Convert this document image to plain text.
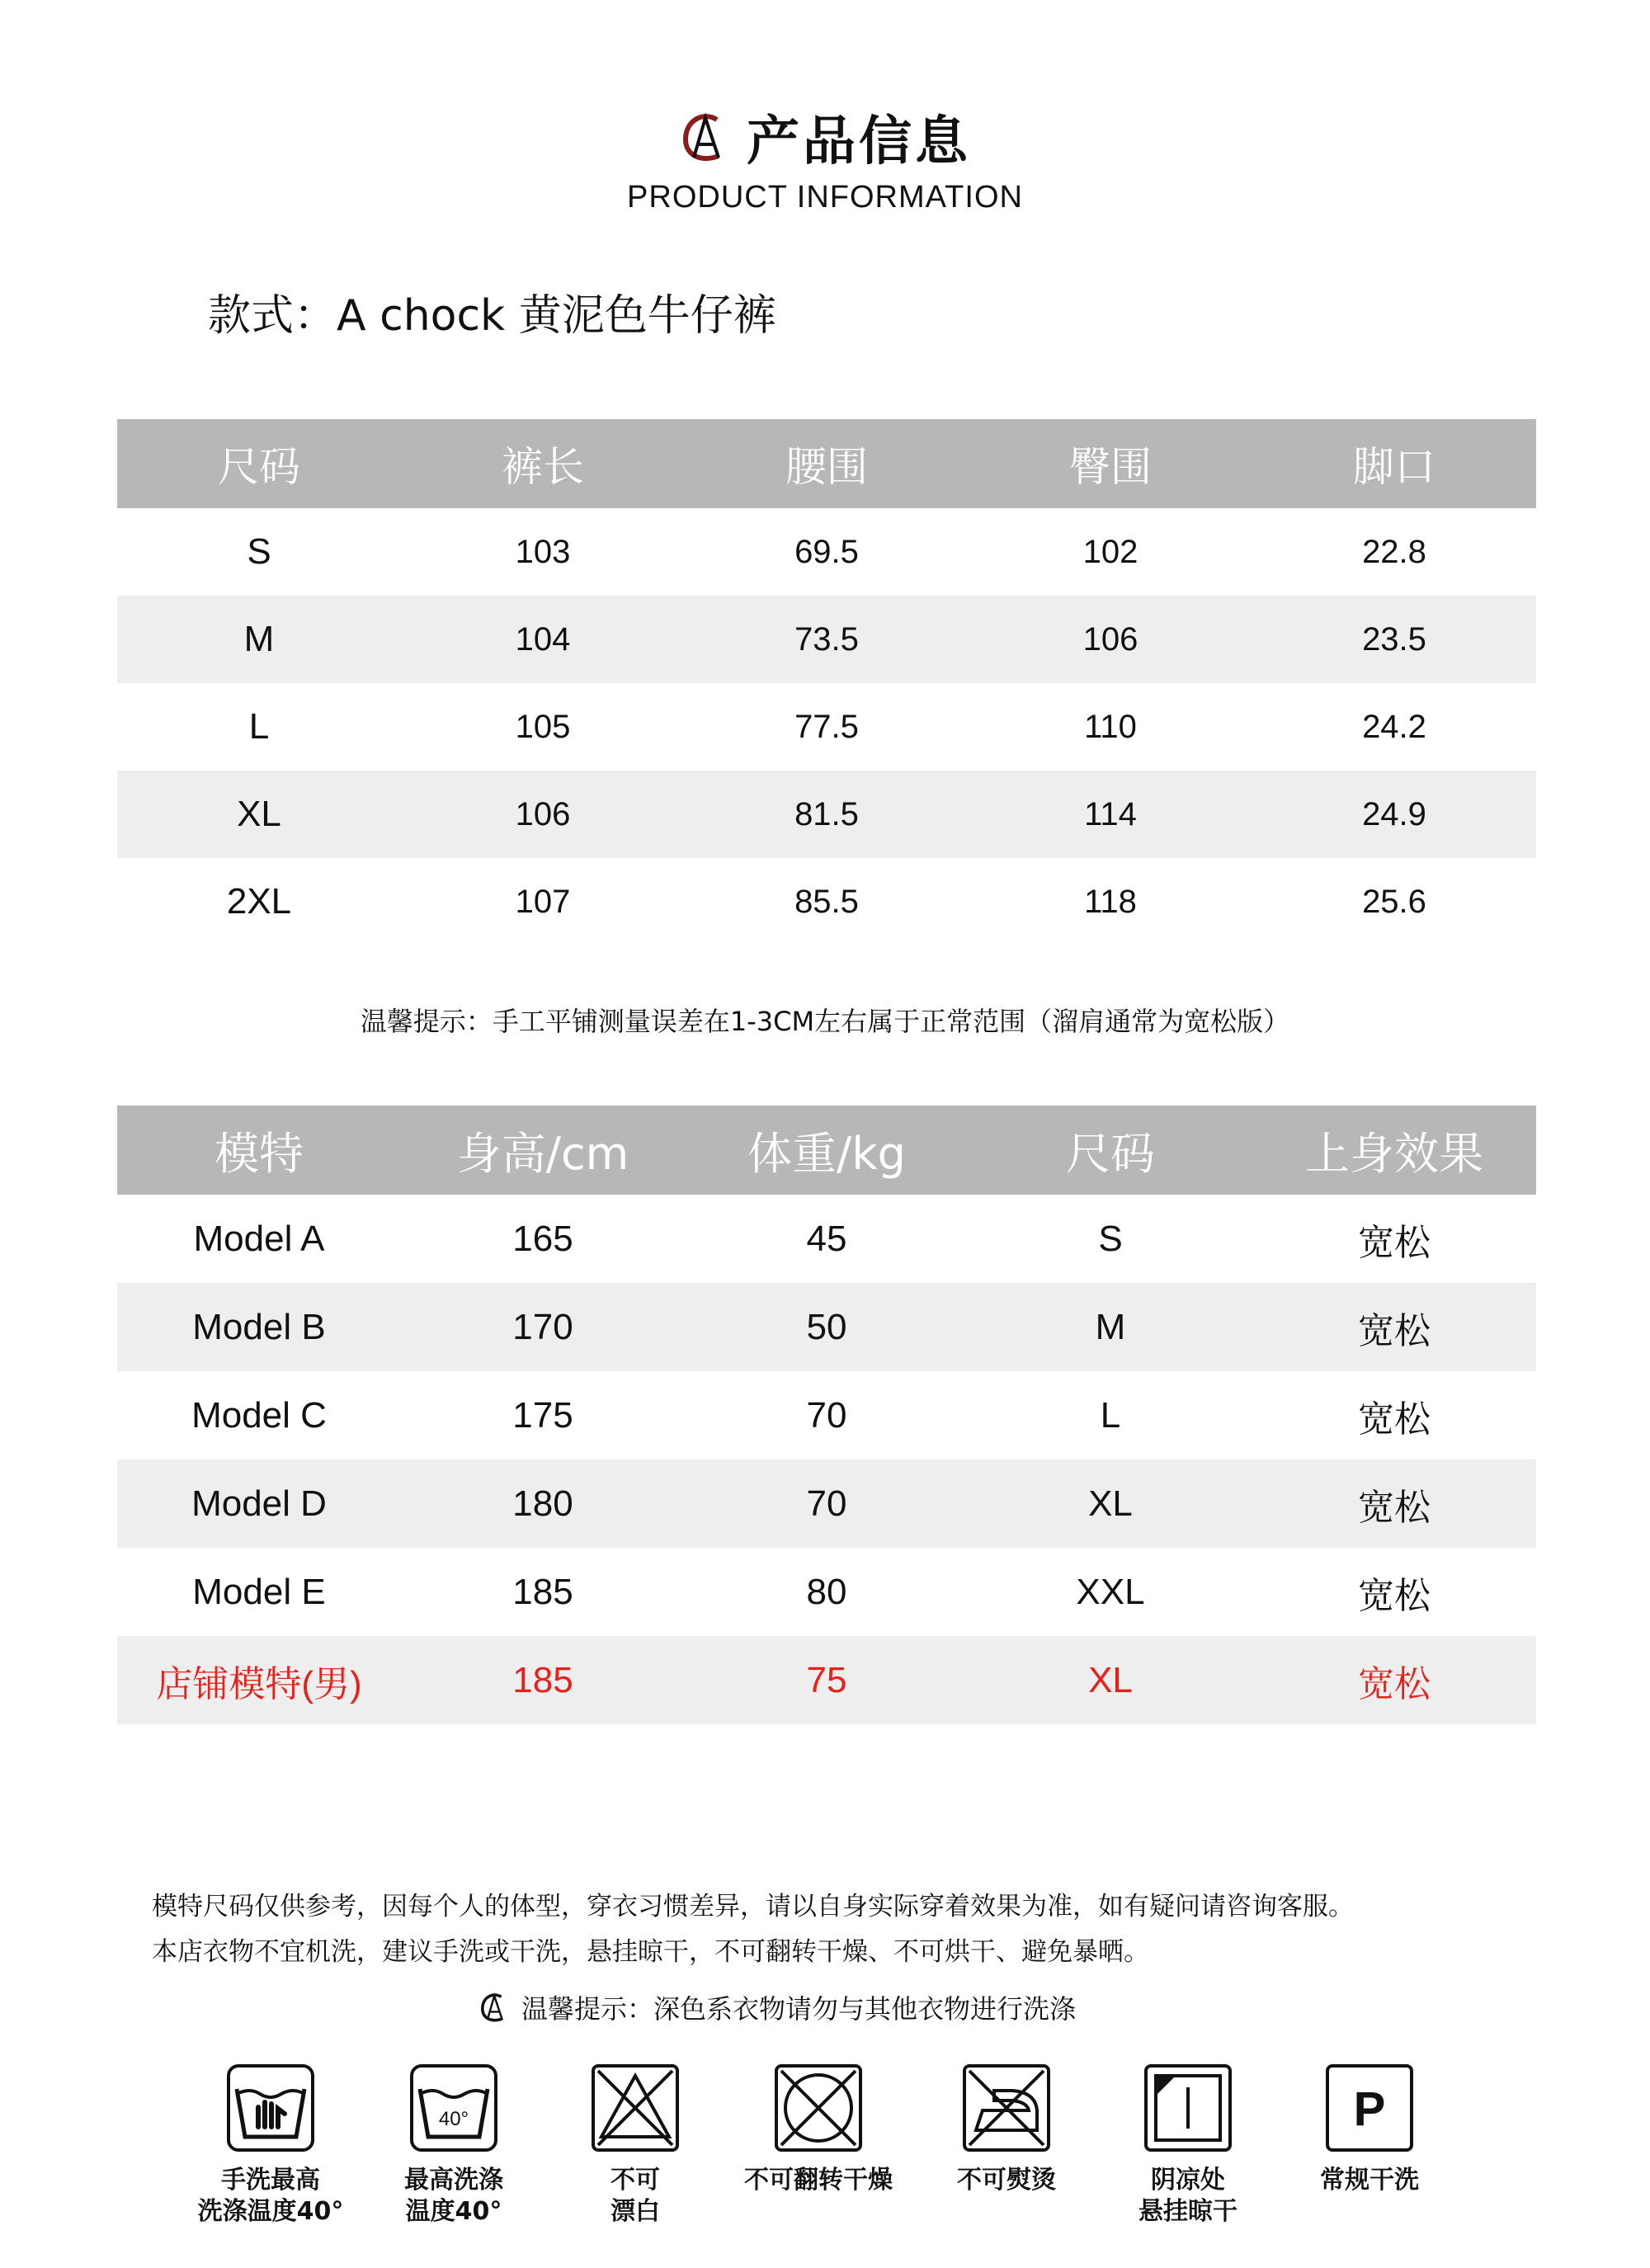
产品信息
PRODUCT INFORMATION
款式：A chock 黄泥色牛仔裤
尺码	裤长	腰围	臀围	脚口
S	103	69.5	102	22.8
M	104	73.5	106	23.5
L	105	77.5	110	24.2
XL	106	81.5	114	24.9
2XL	107	85.5	118	25.6
温馨提示：手工平铺测量误差在1-3CM左右属于正常范围（溜肩通常为宽松版）
模特	身高/cm	体重/kg	尺码	上身效果
Model A	165	45	S	宽松
Model B	170	50	M	宽松
Model C	175	70	L	宽松
Model D	180	70	XL	宽松
Model E	185	80	XXL	宽松
店铺模特(男)	185	75	XL	宽松
模特尺码仅供参考，因每个人的体型，穿衣习惯差异，请以自身实际穿着效果为准，如有疑问请咨询客服。
本店衣物不宜机洗，建议手洗或干洗，悬挂晾干，不可翻转干燥、不可烘干、避免暴晒。
温馨提示：深色系衣物请勿与其他衣物进行洗涤
手洗最高
洗涤温度40°
40°
最高洗涤
温度40°
不可
漂白
不可翻转干燥	不可熨烫	阴凉处
悬挂晾干
P
常规干洗
